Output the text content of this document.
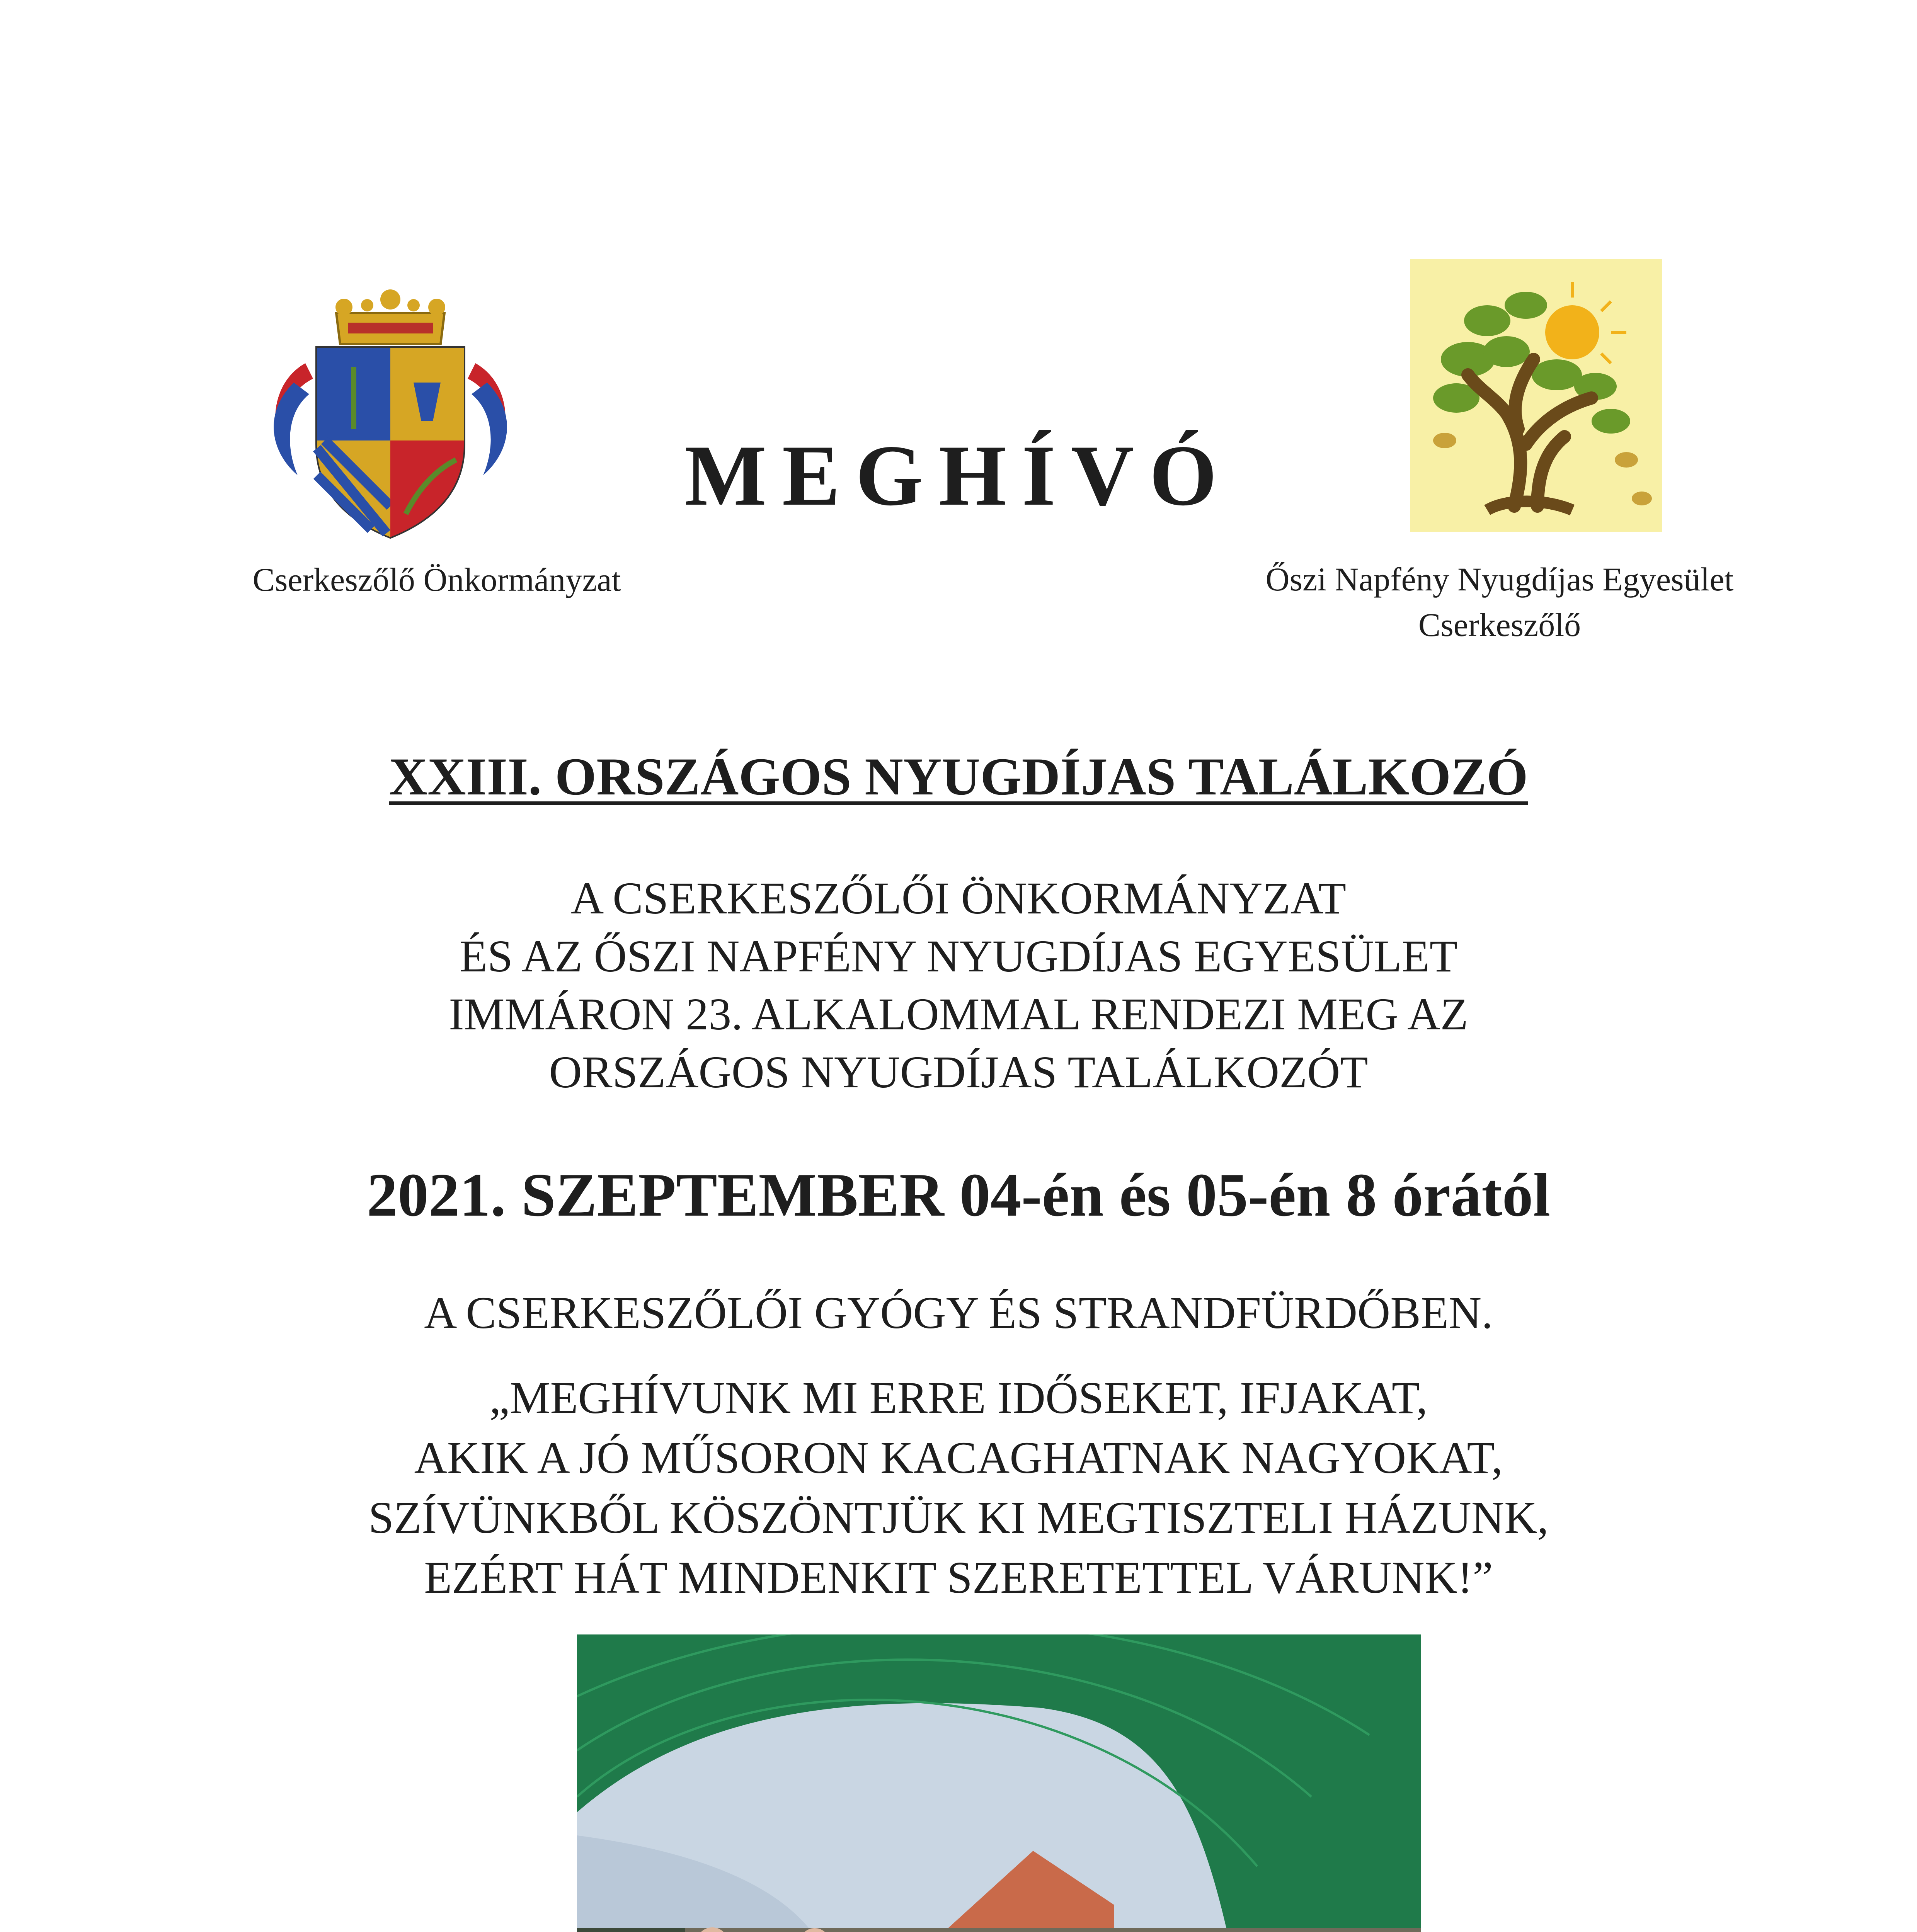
Cserkeszőlő Önkormányzat
MEGHÍVÓ
Őszi Napfény Nyugdíjas Egyesület
Cserkeszőlő
XXIII. ORSZÁGOS NYUGDÍJAS TALÁLKOZÓ
A CSERKESZŐLŐI ÖNKORMÁNYZAT
ÉS AZ ŐSZI NAPFÉNY NYUGDÍJAS EGYESÜLET
IMMÁRON 23. ALKALOMMAL RENDEZI MEG AZ
ORSZÁGOS NYUGDÍJAS TALÁLKOZÓT
2021. SZEPTEMBER 04-én és 05-én 8 órától
A CSERKESZŐLŐI GYÓGY ÉS STRANDFÜRDŐBEN.
„MEGHÍVUNK MI ERRE IDŐSEKET, IFJAKAT,
AKIK A JÓ MŰSORON KACAGHATNAK NAGYOKAT,
SZÍVÜNKBŐL KÖSZÖNTJÜK KI MEGTISZTELI HÁZUNK,
EZÉRT HÁT MINDENKIT SZERETETTEL VÁRUNK!”
